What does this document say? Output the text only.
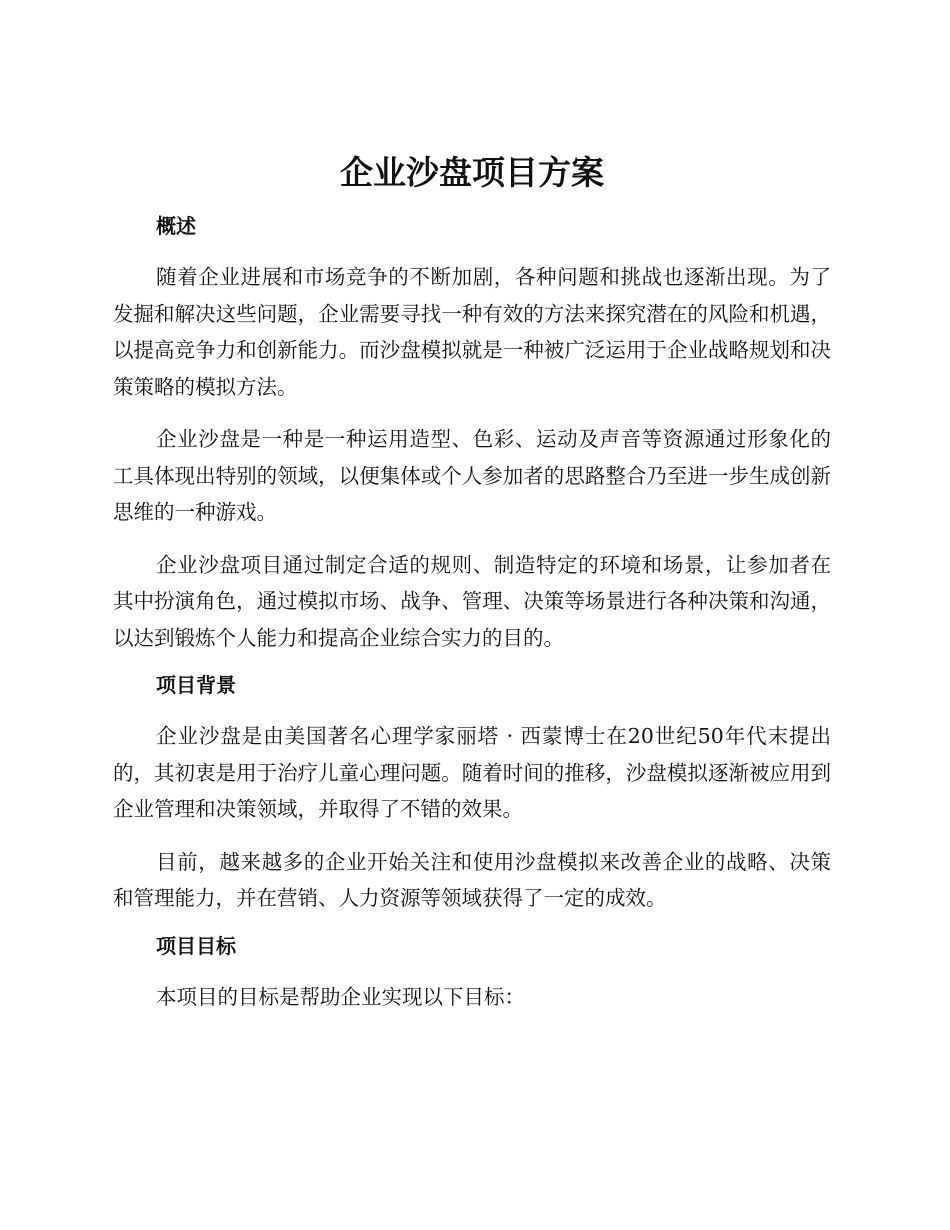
企业沙盘项目方案
概述

随着企业进展和市场竞争的不断加剧，各种问题和挑战也逐渐出现。为了发掘和解决这些问题，企业需要寻找一种有效的方法来探究潜在的风险和机遇，以提高竞争力和创新能力。而沙盘模拟就是一种被广泛运用于企业战略规划和决策策略的模拟方法。

企业沙盘是一种是一种运用造型、色彩、运动及声音等资源通过形象化的工具体现出特别的领域，以便集体或个人参加者的思路整合乃至进一步生成创新思维的一种游戏。

企业沙盘项目通过制定合适的规则、制造特定的环境和场景，让参加者在其中扮演角色，通过模拟市场、战争、管理、决策等场景进行各种决策和沟通，以达到锻炼个人能力和提高企业综合实力的目的。

项目背景

企业沙盘是由美国著名心理学家丽塔 · 西蒙博士在20世纪50年代末提出的，其初衷是用于治疗儿童心理问题。随着时间的推移，沙盘模拟逐渐被应用到企业管理和决策领域，并取得了不错的效果。

目前，越来越多的企业开始关注和使用沙盘模拟来改善企业的战略、决策和管理能力，并在营销、人力资源等领域获得了一定的成效。

项目目标

本项目的目标是帮助企业实现以下目标：
